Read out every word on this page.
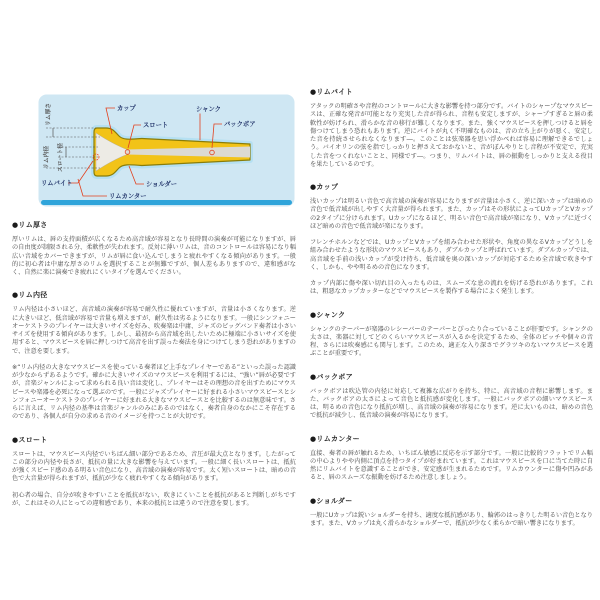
リム厚さ
リム内径	スロート径
カップ
スロート
シャンク
バックボア
リムバイト	ショルダー
リムカンター
●リム厚さ

厚いリムは、唇の支持面積が広くなるため高音域が容易となり長時間の演奏が可能になりますが、唇の自由度が制限される分、柔軟性が失われます。反対に薄いリムは、音のコントロールは容易になり幅広い音域をカバーできますが、リムが唇に食い込んでしまうと疲れやすくなる傾向があります。一般的に初心者は中庸な厚さのリムを選択することが無難ですが、個人差もありますので、違和感がなく、自然に楽に演奏でき疲れにくいタイプを選んでください。

●リム内径

リム内径は小さいほど、高音域の演奏が容易で耐久性に優れていますが、音量は小さくなります。逆に大きいほど、低音域が容易で音量も増えますが、耐久性は劣るようになります。一般にシンフォニーオーケストラのプレイヤーは大きいサイズを好み、吹奏楽は中庸、ジャズのビッグバンド奏者は小さいサイズを使用する傾向があります。しかし、最初から高音域を出したいために極端に小さいサイズを使用すると、マウスピースを唇に押しつけて高音を出す誤った奏法を身につけてしまう恐れがありますので、注意を要します。

※“リム内径の大きなマウスピースを使っている奏者ほど上手なプレイヤーである”といった誤った認識が少なからずあるようです。確かに大きいサイズのマウスピースを利用するには、“強い”唇が必要ですが、音楽ジャンルによって求められる良い音は変化し、プレイヤーはその理想の音を出すためにマウスピースや楽器を必死になって選ぶのです。一般にジャズプレイヤーに好まれる小さいマウスピースとシンフォニーオーケストラのプレイヤーに好まれる大きなマウスピースとを比較するのは無意味です。さらに言えば、リム内径の基準は音楽ジャンルのみにあるのではなく、奏者自身のなかにこそ存在するのであり、各個人が自分の求める音のイメージを持つことが大切です。

●スロート

スロートは、マウスピース内径でいちばん細い部分であるため、音圧が最大点となります。したがってこの部分の内径や長さが、抵抗の量に大きな影響を与えています。一般に細く長いスロートは、抵抗が強くスピード感のある明るい音色になり、高音域の演奏が容易です。太く短いスロートは、暗めの音色で大音量が得られますが、抵抗が少なく疲れやすくなる傾向があります。

初心者の場合、自分が吹きやすいことを抵抗がない、吹きにくいことを抵抗があると判断しがちですが、これはその人にとっての違和感であり、本来の抵抗とは違うので注意を要します。

●リムバイト

アタックの明確さや音程のコントロールに大きな影響を持つ部分です。バイトのシャープなマウスピースは、正確な発音が可能となり充実した音が得られ、音程も安定しますが、シャープすぎると唇の柔軟性が妨げられ、滑らかな音の移行が難しくなります。また、強くマウスピースを押しつけると唇を傷つけてしまう恐れもあります。逆にバイトが丸く不明確なものは、音の立ち上がりが悪く、安定した音を持続させられなくなります―。このことは弦楽器を思い浮かべれば容易に理解できるでしょう。バイオリンの弦を指でしっかりと押さえておかないと、音がぼんやりとし音程が不安定で、充実した音をつくれないことと、同様です―。つまり、リムバイトは、唇の振動をしっかりと支える役目を果たしているのです。

●カップ

浅いカップは明るい音色で高音域の演奏が容易になりますが音量は小さく、逆に深いカップは暗めの音色で低音域が出しやすく大音量が得られます。また、カップはその形状によってUカップとVカップの2タイプに分けられます。Uカップになるほど、明るい音色で高音域が楽になり、Vカップに近づくほど暗めの音色で低音域が楽になります。

フレンチホルンなどでは、UカップとVカップを組み合わせた形状や、角度の異なるVカップどうしを組み合わせたような形状のマウスピースもあり、ダブルカップと呼ばれています。ダブルカップでは、高音域を手前の浅いカップが受け持ち、低音域を奥の深いカップが対応するため全音域で吹きやすく、しかも、やや明るめの音色になります。

カップ内部に傷や深い切れ目の入ったものは、スムーズな息の流れを妨げる恐れがあります。これは、粗悪なカップカッターなどでマウスピースを製作する場合によく発生します。

●シャンク

シャンクのテーパーが楽器のレシーバーのテーパーとぴったり合っていることが肝要です。シャンクの太さは、楽器に対してどのくらいマウスピースが入るかを決定するため、全体のピッチや個々の音程、さらには吹奏感にも関与します。このため、適正な入り深さでグラツキのないマウスピースを選ぶことが重要です。

●バックボア

バックボアは吹込管の内径に対応して複雑な広がりを持ち、特に、高音域の音程に影響します。また、バックボアの太さによって音色と抵抗感が変化します。一般にバックボアの細いマウスピースは、明るめの音色になり抵抗が増し、高音域の演奏が容易になります。逆に太いものは、暗めの音色で抵抗が減少し、低音域の演奏が容易になります。

●リムカンター

直接、奏者の唇が触れるため、いちばん敏感に反応を示す部分です。一般に比較的フラットでリム幅の中心よりやや内側に頂点を持つタイプが好まれています。これはマウスピースを口に当てた時に自然にリムバイトを意識することができ、安定感が生まれるためです。リムカウンターに傷や凹みがあると、唇のスムーズな振動を妨げるため注意しましょう。

●ショルダー

一般にUカップは鋭いショルダーを持ち、適度な抵抗感があり、輪郭のはっきりした明るい音色となります。また、Vカップは丸く滑らかなショルダーで、抵抗が少なく柔らかで暗い響きになります。
